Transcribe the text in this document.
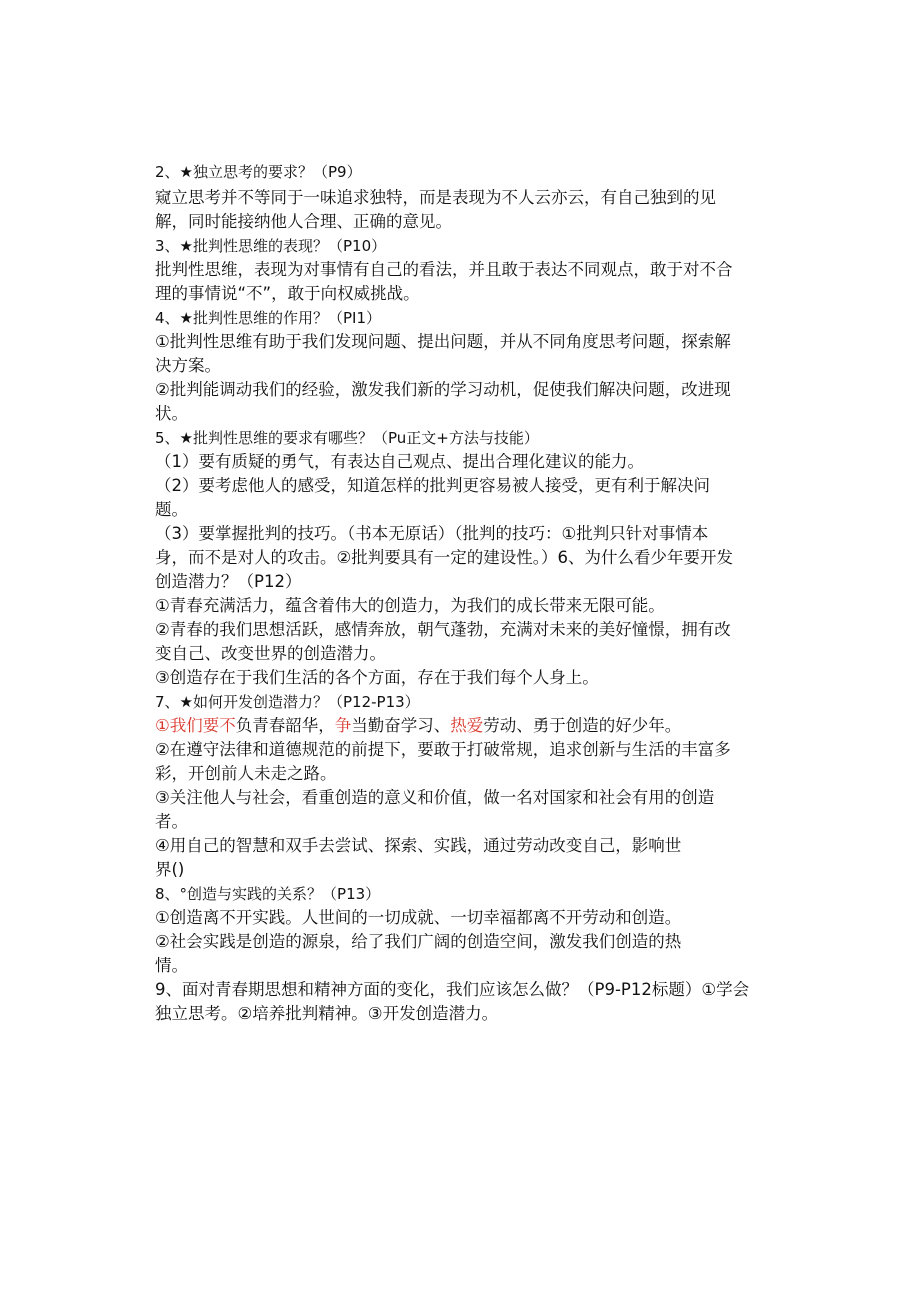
2、★独立思考的要求？（P9）
窥立思考并不等同于一味追求独特，而是表现为不人云亦云，有自己独到的见
解，同时能接纳他人合理、正确的意见。
3、★批判性思维的表现？（P10）
批判性思维，表现为对事情有自己的看法，并且敢于表达不同观点，敢于对不合
理的事情说“不”，敢于向权威挑战。
4、★批判性思维的作用？（PI1）
①批判性思维有助于我们发现问题、提出问题，并从不同角度思考问题，探索解
决方案。
②批判能调动我们的经验，激发我们新的学习动机，促使我们解决问题，改进现
状。
5、★批判性思维的要求有哪些？（Pu正文+方法与技能）
（1）要有质疑的勇气，有表达自己观点、提出合理化建议的能力。
（2）要考虑他人的感受，知道怎样的批判更容易被人接受，更有利于解决问
题。
（3）要掌握批判的技巧。（书本无原话）（批判的技巧：①批判只针对事情本
身，而不是对人的攻击。②批判要具有一定的建设性。）6、为什么看少年要开发
创造潜力？（P12）
①青春充满活力，蕴含着伟大的创造力，为我们的成长带来无限可能。
②青春的我们思想活跃，感情奔放，朝气蓬勃，充满对未来的美好憧憬，拥有改
变自己、改变世界的创造潜力。
③创造存在于我们生活的各个方面，存在于我们每个人身上。
7、★如何开发创造潜力？（P12-P13）
①我们要不负青春韶华，争当勤奋学习、热爱劳动、勇于创造的好少年。
②在遵守法律和道德规范的前提下，要敢于打破常规，追求创新与生活的丰富多
彩，开创前人未走之路。
③关注他人与社会，看重创造的意义和价值，做一名对国家和社会有用的创造
者。
④用自己的智慧和双手去尝试、探索、实践，通过劳动改变自己，影响世
界()
8、°创造与实践的关系？（P13）
①创造离不开实践。人世间的一切成就、一切幸福都离不开劳动和创造。
②社会实践是创造的源泉，给了我们广阔的创造空间，激发我们创造的热
情。
9、面对青春期思想和精神方面的变化，我们应该怎么做？（P9-P12标题）①学会
独立思考。②培养批判精神。③开发创造潜力。
